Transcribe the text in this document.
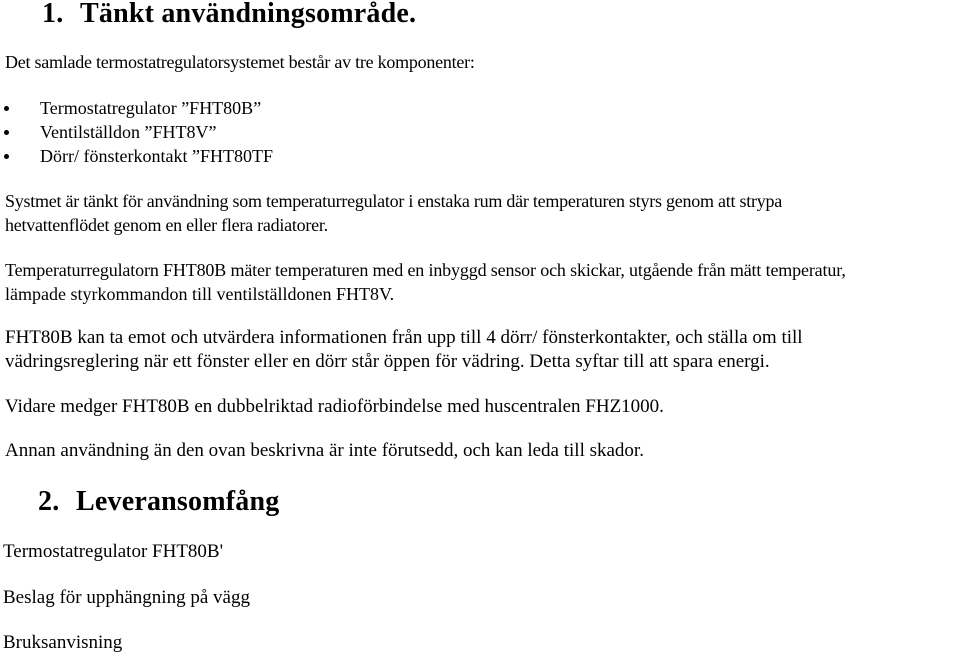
1. Tänkt användningsområde.
Det samlade termostatregulatorsystemet består av tre komponenter:
Termostatregulator ”FHT80B”
Ventilställdon ”FHT8V”
Dörr/ fönsterkontakt ”FHT80TF
Systmet är tänkt för användning som temperaturregulator i enstaka rum där temperaturen styrs genom att strypa
hetvattenflödet genom en eller flera radiatorer.
Temperaturregulatorn FHT80B mäter temperaturen med en inbyggd sensor och skickar, utgående från mätt temperatur,
lämpade styrkommandon till ventilställdonen FHT8V.
FHT80B kan ta emot och utvärdera informationen från upp till 4 dörr/ fönsterkontakter, och ställa om till
vädringsreglering när ett fönster eller en dörr står öppen för vädring. Detta syftar till att spara energi.
Vidare medger FHT80B en dubbelriktad radioförbindelse med huscentralen FHZ1000.
Annan användning än den ovan beskrivna är inte förutsedd, och kan leda till skador.
2. Leveransomfång
Termostatregulator FHT80B'
Beslag för upphängning på vägg
Bruksanvisning
